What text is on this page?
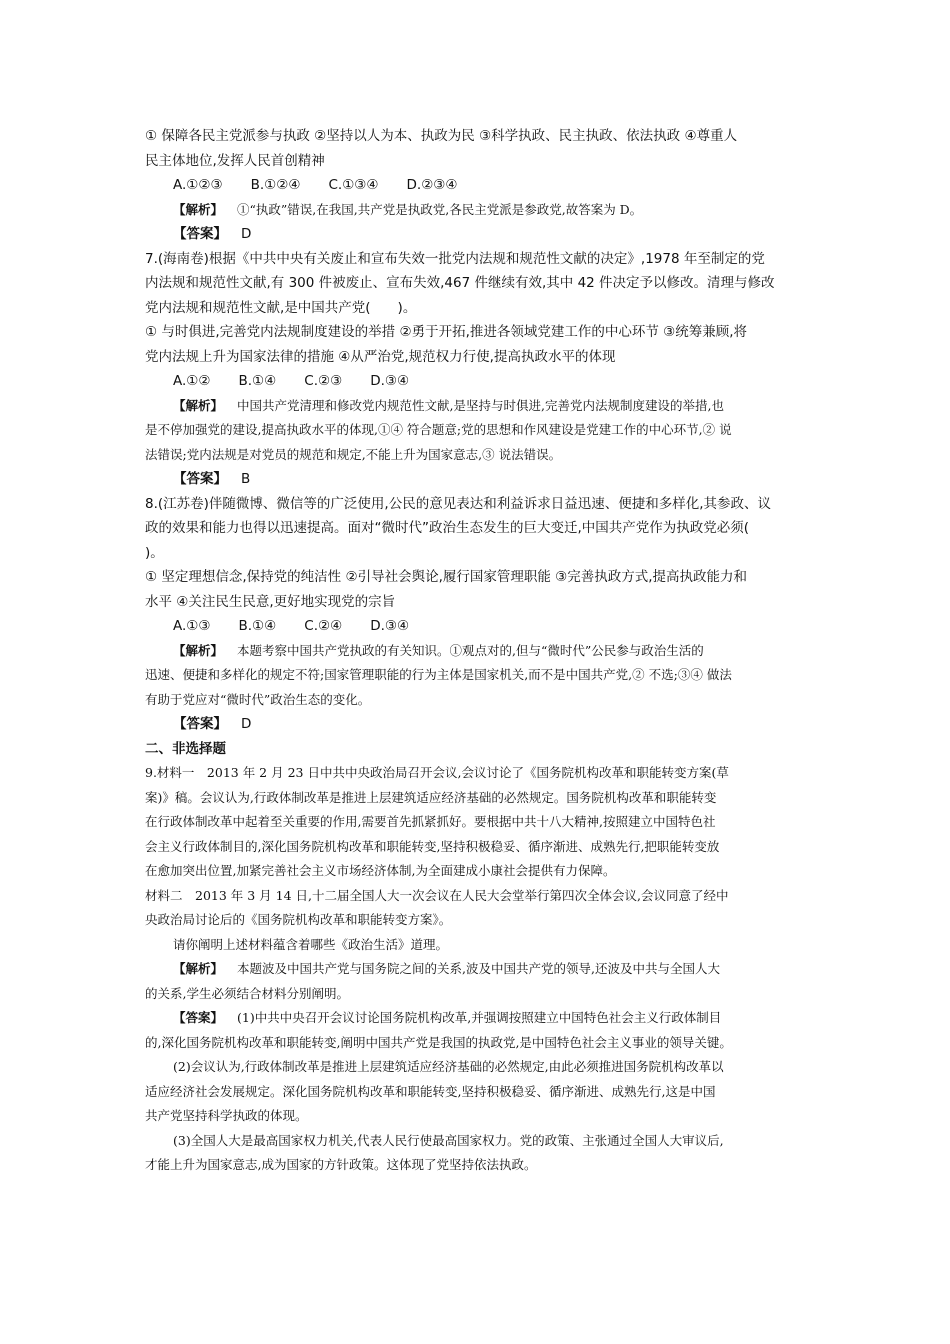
① 保障各民主党派参与执政 ②坚持以人为本、执政为民 ③科学执政、民主执政、依法执政 ④尊重人
民主体地位,发挥人民首创精神
A.①②③ B.①②④ C.①③④ D.②③④
【解析】 ①“执政”错误,在我国,共产党是执政党,各民主党派是参政党,故答案为 D。
【答案】 D
7.(海南卷)根据《中共中央有关废止和宣布失效一批党内法规和规范性文献的决定》,1978 年至制定的党
内法规和规范性文献,有 300 件被废止、宣布失效,467 件继续有效,其中 42 件决定予以修改。清理与修改
党内法规和规范性文献,是中国共产党(　　)。
① 与时俱进,完善党内法规制度建设的举措 ②勇于开拓,推进各领域党建工作的中心环节 ③统筹兼顾,将
党内法规上升为国家法律的措施 ④从严治党,规范权力行使,提高执政水平的体现
A.①② B.①④ C.②③ D.③④
【解析】 中国共产党清理和修改党内规范性文献,是坚持与时俱进,完善党内法规制度建设的举措,也
是不停加强党的建设,提高执政水平的体现,①④ 符合题意;党的思想和作风建设是党建工作的中心环节,② 说
法错误;党内法规是对党员的规范和规定,不能上升为国家意志,③ 说法错误。
【答案】 B
8.(江苏卷)伴随微博、微信等的广泛使用,公民的意见表达和利益诉求日益迅速、便捷和多样化,其参政、议
政的效果和能力也得以迅速提高。面对“微时代”政治生态发生的巨大变迁,中国共产党作为执政党必须(
)。
① 坚定理想信念,保持党的纯洁性 ②引导社会舆论,履行国家管理职能 ③完善执政方式,提高执政能力和
水平 ④关注民生民意,更好地实现党的宗旨
A.①③ B.①④ C.②④ D.③④
【解析】 本题考察中国共产党执政的有关知识。①观点对的,但与“微时代”公民参与政治生活的
迅速、便捷和多样化的规定不符;国家管理职能的行为主体是国家机关,而不是中国共产党,② 不选;③④ 做法
有助于党应对“微时代”政治生态的变化。
【答案】 D
二、非选择题
9.材料一　2013 年 2 月 23 日中共中央政治局召开会议,会议讨论了《国务院机构改革和职能转变方案(草
案)》稿。会议认为,行政体制改革是推进上层建筑适应经济基础的必然规定。国务院机构改革和职能转变
在行政体制改革中起着至关重要的作用,需要首先抓紧抓好。要根据中共十八大精神,按照建立中国特色社
会主义行政体制目的,深化国务院机构改革和职能转变,坚持积极稳妥、循序渐进、成熟先行,把职能转变放
在愈加突出位置,加紧完善社会主义市场经济体制,为全面建成小康社会提供有力保障。
材料二　2013 年 3 月 14 日,十二届全国人大一次会议在人民大会堂举行第四次全体会议,会议同意了经中
央政治局讨论后的《国务院机构改革和职能转变方案》。
请你阐明上述材料蕴含着哪些《政治生活》道理。
【解析】 本题波及中国共产党与国务院之间的关系,波及中国共产党的领导,还波及中共与全国人大
的关系,学生必须结合材料分别阐明。
【答案】 (1)中共中央召开会议讨论国务院机构改革,并强调按照建立中国特色社会主义行政体制目
的,深化国务院机构改革和职能转变,阐明中国共产党是我国的执政党,是中国特色社会主义事业的领导关键。
(2)会议认为,行政体制改革是推进上层建筑适应经济基础的必然规定,由此必须推进国务院机构改革以
适应经济社会发展规定。深化国务院机构改革和职能转变,坚持积极稳妥、循序渐进、成熟先行,这是中国
共产党坚持科学执政的体现。
(3)全国人大是最高国家权力机关,代表人民行使最高国家权力。党的政策、主张通过全国人大审议后,
才能上升为国家意志,成为国家的方针政策。这体现了党坚持依法执政。
